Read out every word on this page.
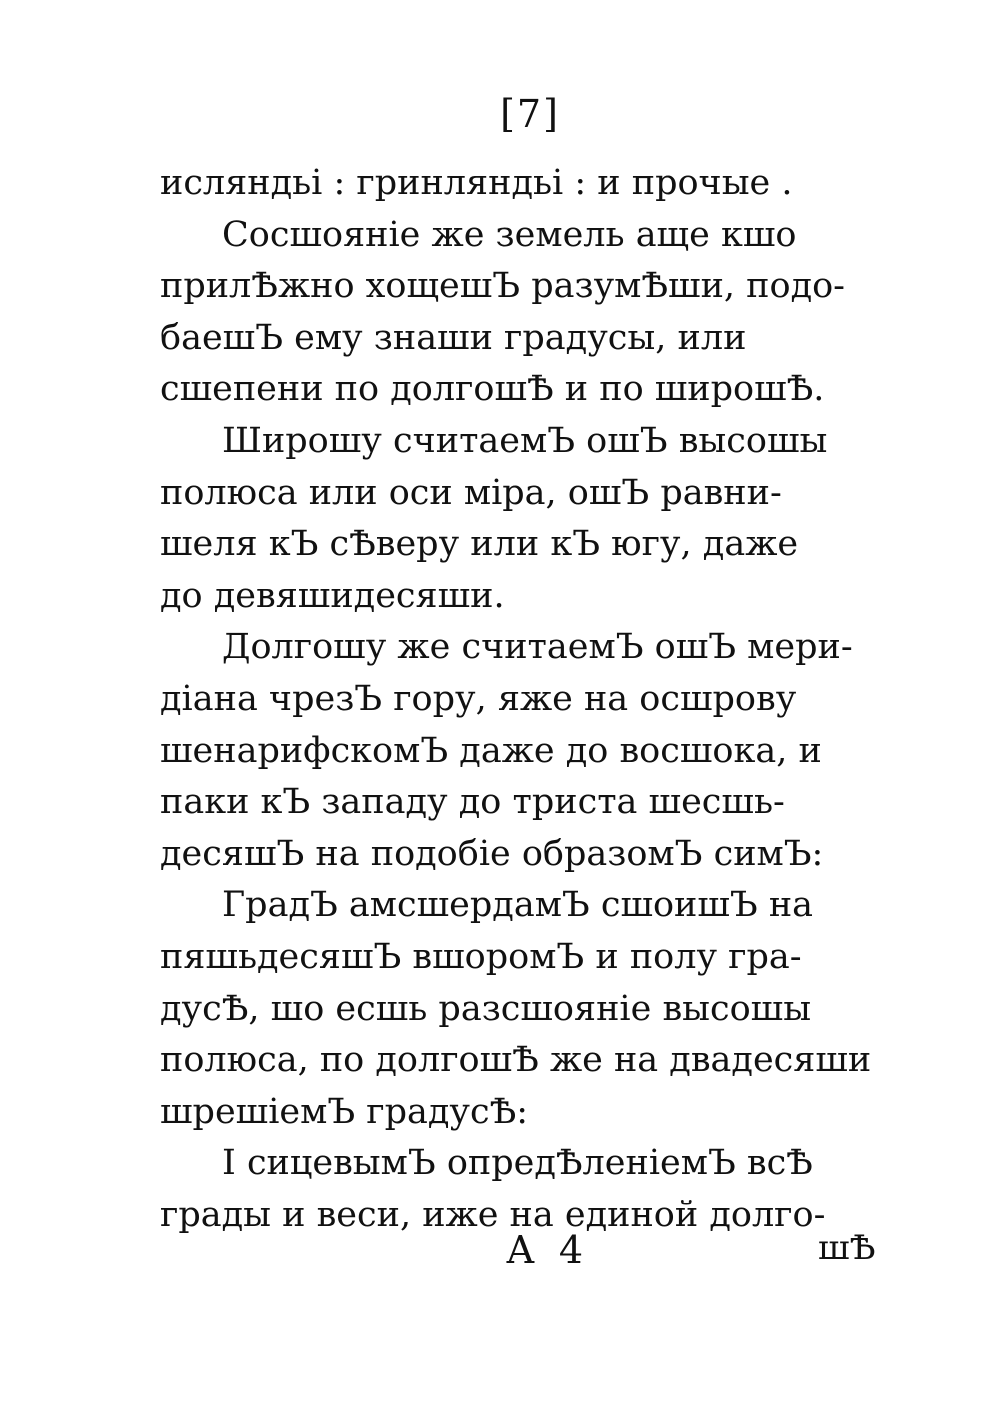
[7]
исляндьі : гринляндьі : и прочые .
Сосшояніе же земель аще кшо
прилѢжно хощешЪ разумѢши, подо-
баешЪ ему знаши градусы, или
сшепени по долгошѢ и по широшѢ.
Широшу считаемЪ ошЪ высошы
полюса или оси міра, ошЪ равни-
шеля кЪ сѢверу или кЪ югу, даже
до девяшидесяши.
Долгошу же считаемЪ ошЪ мери-
діана чрезЪ гору, яже на осшрову
шенарифскомЪ даже до восшока, и
паки кЪ западу до триста шесшь-
десяшЪ на подобіе образомЪ симЪ:
ГрадЪ амсшердамЪ сшоишЪ на
пяшьдесяшЪ вшоромЪ и полу гра-
дусѢ, шо есшь разсшояніе высошы
полюса, по долгошѢ же на двадесяши
шрешіемЪ градусѢ:
І сицевымЪ опредѢленіемЪ всѢ
грады и веси, иже на единой долго-
А 4	шѢ
